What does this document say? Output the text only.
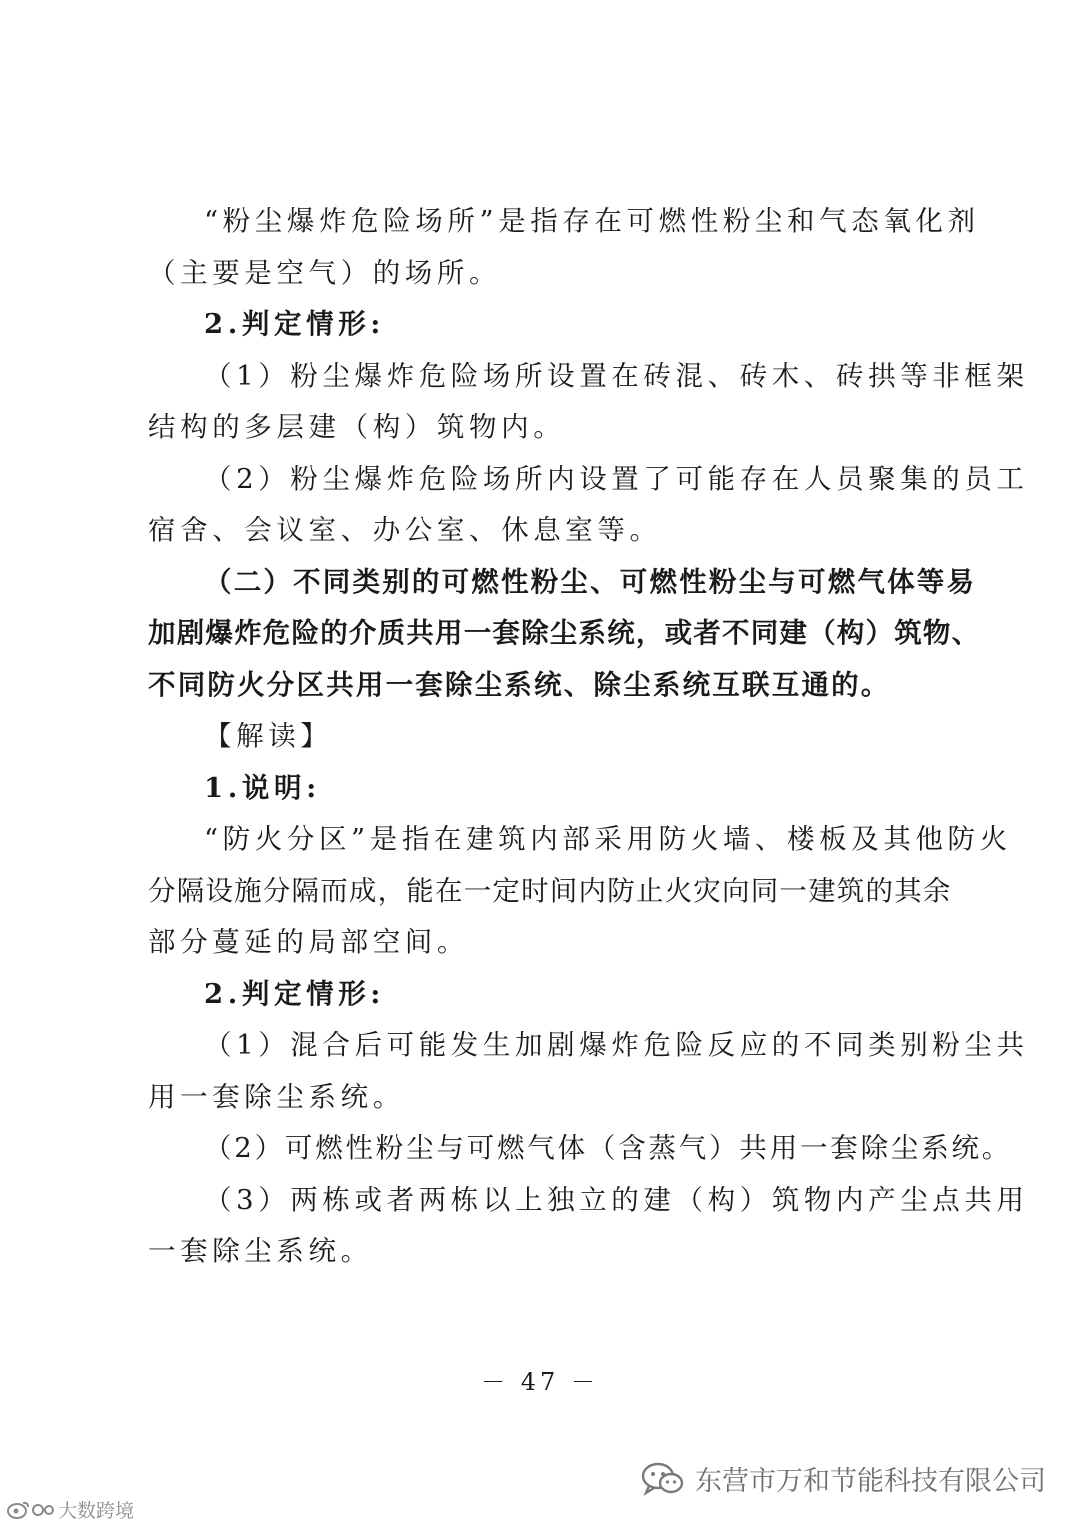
“粉尘爆炸危险场所”是指存在可燃性粉尘和气态氧化剂
（主要是空气）的场所。
2.判定情形:
（1）粉尘爆炸危险场所设置在砖混、砖木、砖拱等非框架
结构的多层建（构）筑物内。
（2）粉尘爆炸危险场所内设置了可能存在人员聚集的员工
宿舍、会议室、办公室、休息室等。
（二）不同类别的可燃性粉尘、可燃性粉尘与可燃气体等易
加剧爆炸危险的介质共用一套除尘系统，或者不同建（构）筑物、
不同防火分区共用一套除尘系统、除尘系统互联互通的。
【解读】
1.说明:
“防火分区”是指在建筑内部采用防火墙、楼板及其他防火
分隔设施分隔而成，能在一定时间内防止火灾向同一建筑的其余
部分蔓延的局部空间。
2.判定情形:
（1）混合后可能发生加剧爆炸危险反应的不同类别粉尘共
用一套除尘系统。
（2）可燃性粉尘与可燃气体（含蒸气）共用一套除尘系统。
（3）两栋或者两栋以上独立的建（构）筑物内产尘点共用
一套除尘系统。
－ 47 －
东营市万和节能科技有限公司
大数跨境
